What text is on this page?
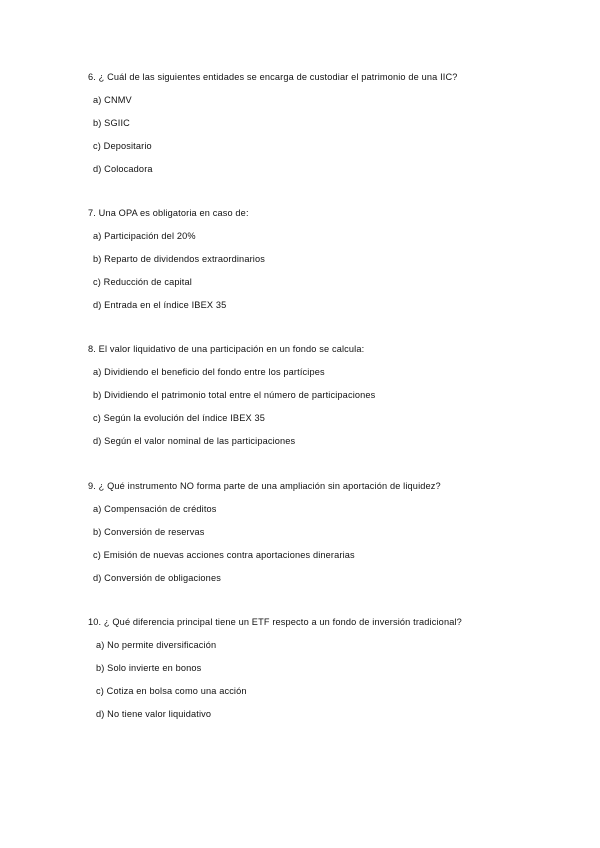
6. ¿ Cuál de las siguientes entidades se encarga de custodiar el patrimonio de una IIC?
a) CNMV
b) SGIIC
c) Depositario
d) Colocadora
7. Una OPA es obligatoria en caso de:
a) Participación del 20%
b) Reparto de dividendos extraordinarios
c) Reducción de capital
d) Entrada en el índice IBEX 35
8. El valor liquidativo de una participación en un fondo se calcula:
a) Dividiendo el beneficio del fondo entre los partícipes
b) Dividiendo el patrimonio total entre el número de participaciones
c) Según la evolución del índice IBEX 35
d) Según el valor nominal de las participaciones
9. ¿ Qué instrumento NO forma parte de una ampliación sin aportación de liquidez?
a) Compensación de créditos
b) Conversión de reservas
c) Emisión de nuevas acciones contra aportaciones dinerarias
d) Conversión de obligaciones
10. ¿ Qué diferencia principal tiene un ETF respecto a un fondo de inversión tradicional?
a) No permite diversificación
b) Solo invierte en bonos
c) Cotiza en bolsa como una acción
d) No tiene valor liquidativo
